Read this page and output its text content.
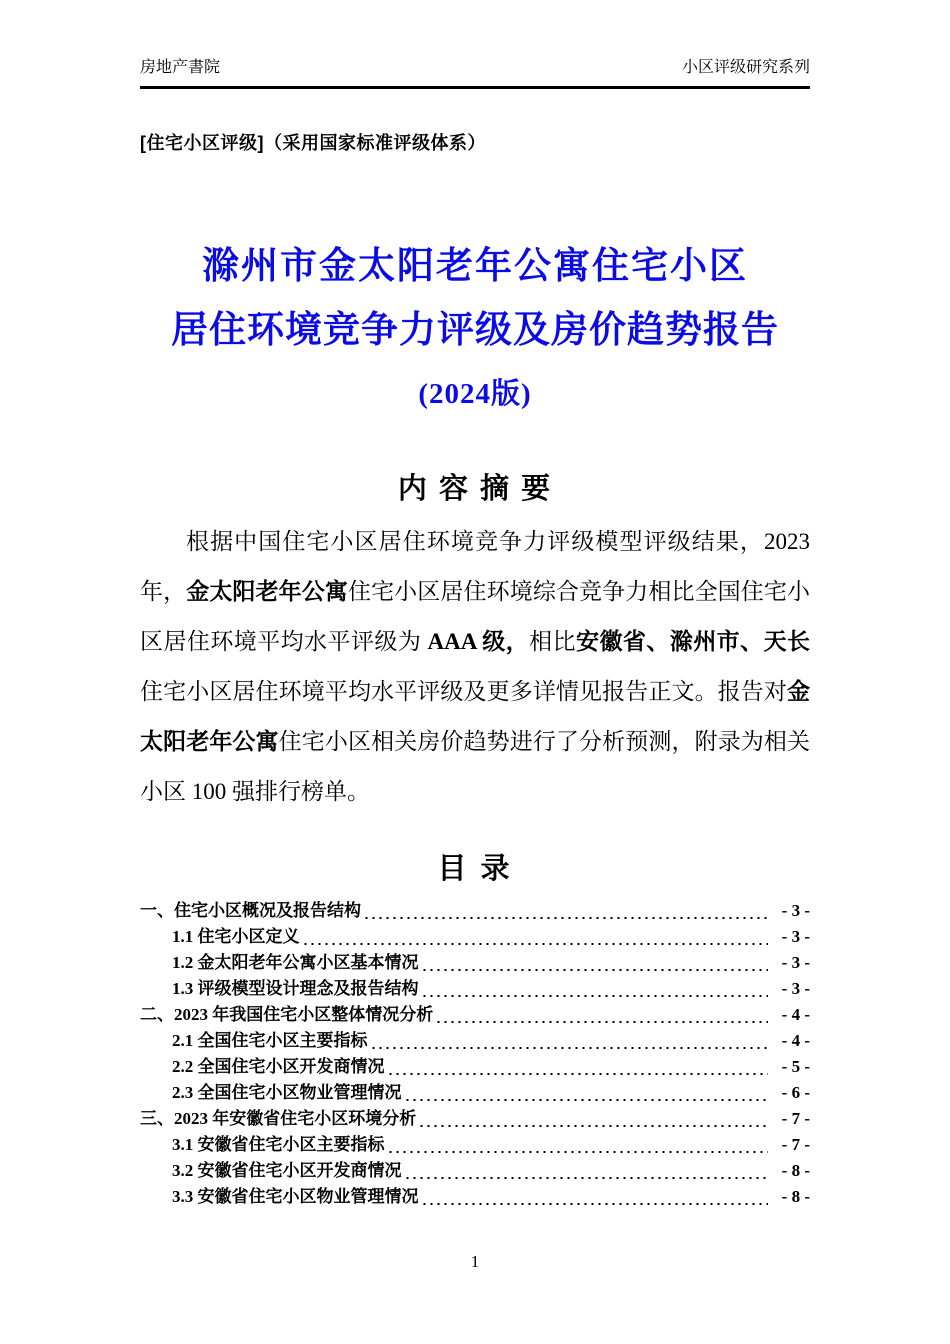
房地产書院	小区评级研究系列
[住宅小区评级]（采用国家标准评级体系）
滁州市金太阳老年公寓住宅小区
居住环境竞争力评级及房价趋势报告
(2024版)
内 容 摘 要
根据中国住宅小区居住环境竞争力评级模型评级结果，2023 年，金太阳老年公寓住宅小区居住环境综合竞争力相比全国住宅小区居住环境平均水平评级为 AAA 级，相比安徽省、滁州市、天长住宅小区居住环境平均水平评级及更多详情见报告正文。报告对金太阳老年公寓住宅小区相关房价趋势进行了分析预测，附录为相关小区 100 强排行榜单。
目 录
一、住宅小区概况及报告结构	- 3 -
1.1 住宅小区定义	- 3 -
1.2 金太阳老年公寓小区基本情况	- 3 -
1.3 评级模型设计理念及报告结构	- 3 -
二、2023 年我国住宅小区整体情况分析	- 4 -
2.1 全国住宅小区主要指标	- 4 -
2.2 全国住宅小区开发商情况	- 5 -
2.3 全国住宅小区物业管理情况	- 6 -
三、2023 年安徽省住宅小区环境分析	- 7 -
3.1 安徽省住宅小区主要指标	- 7 -
3.2 安徽省住宅小区开发商情况	- 8 -
3.3 安徽省住宅小区物业管理情况	- 8 -
1
